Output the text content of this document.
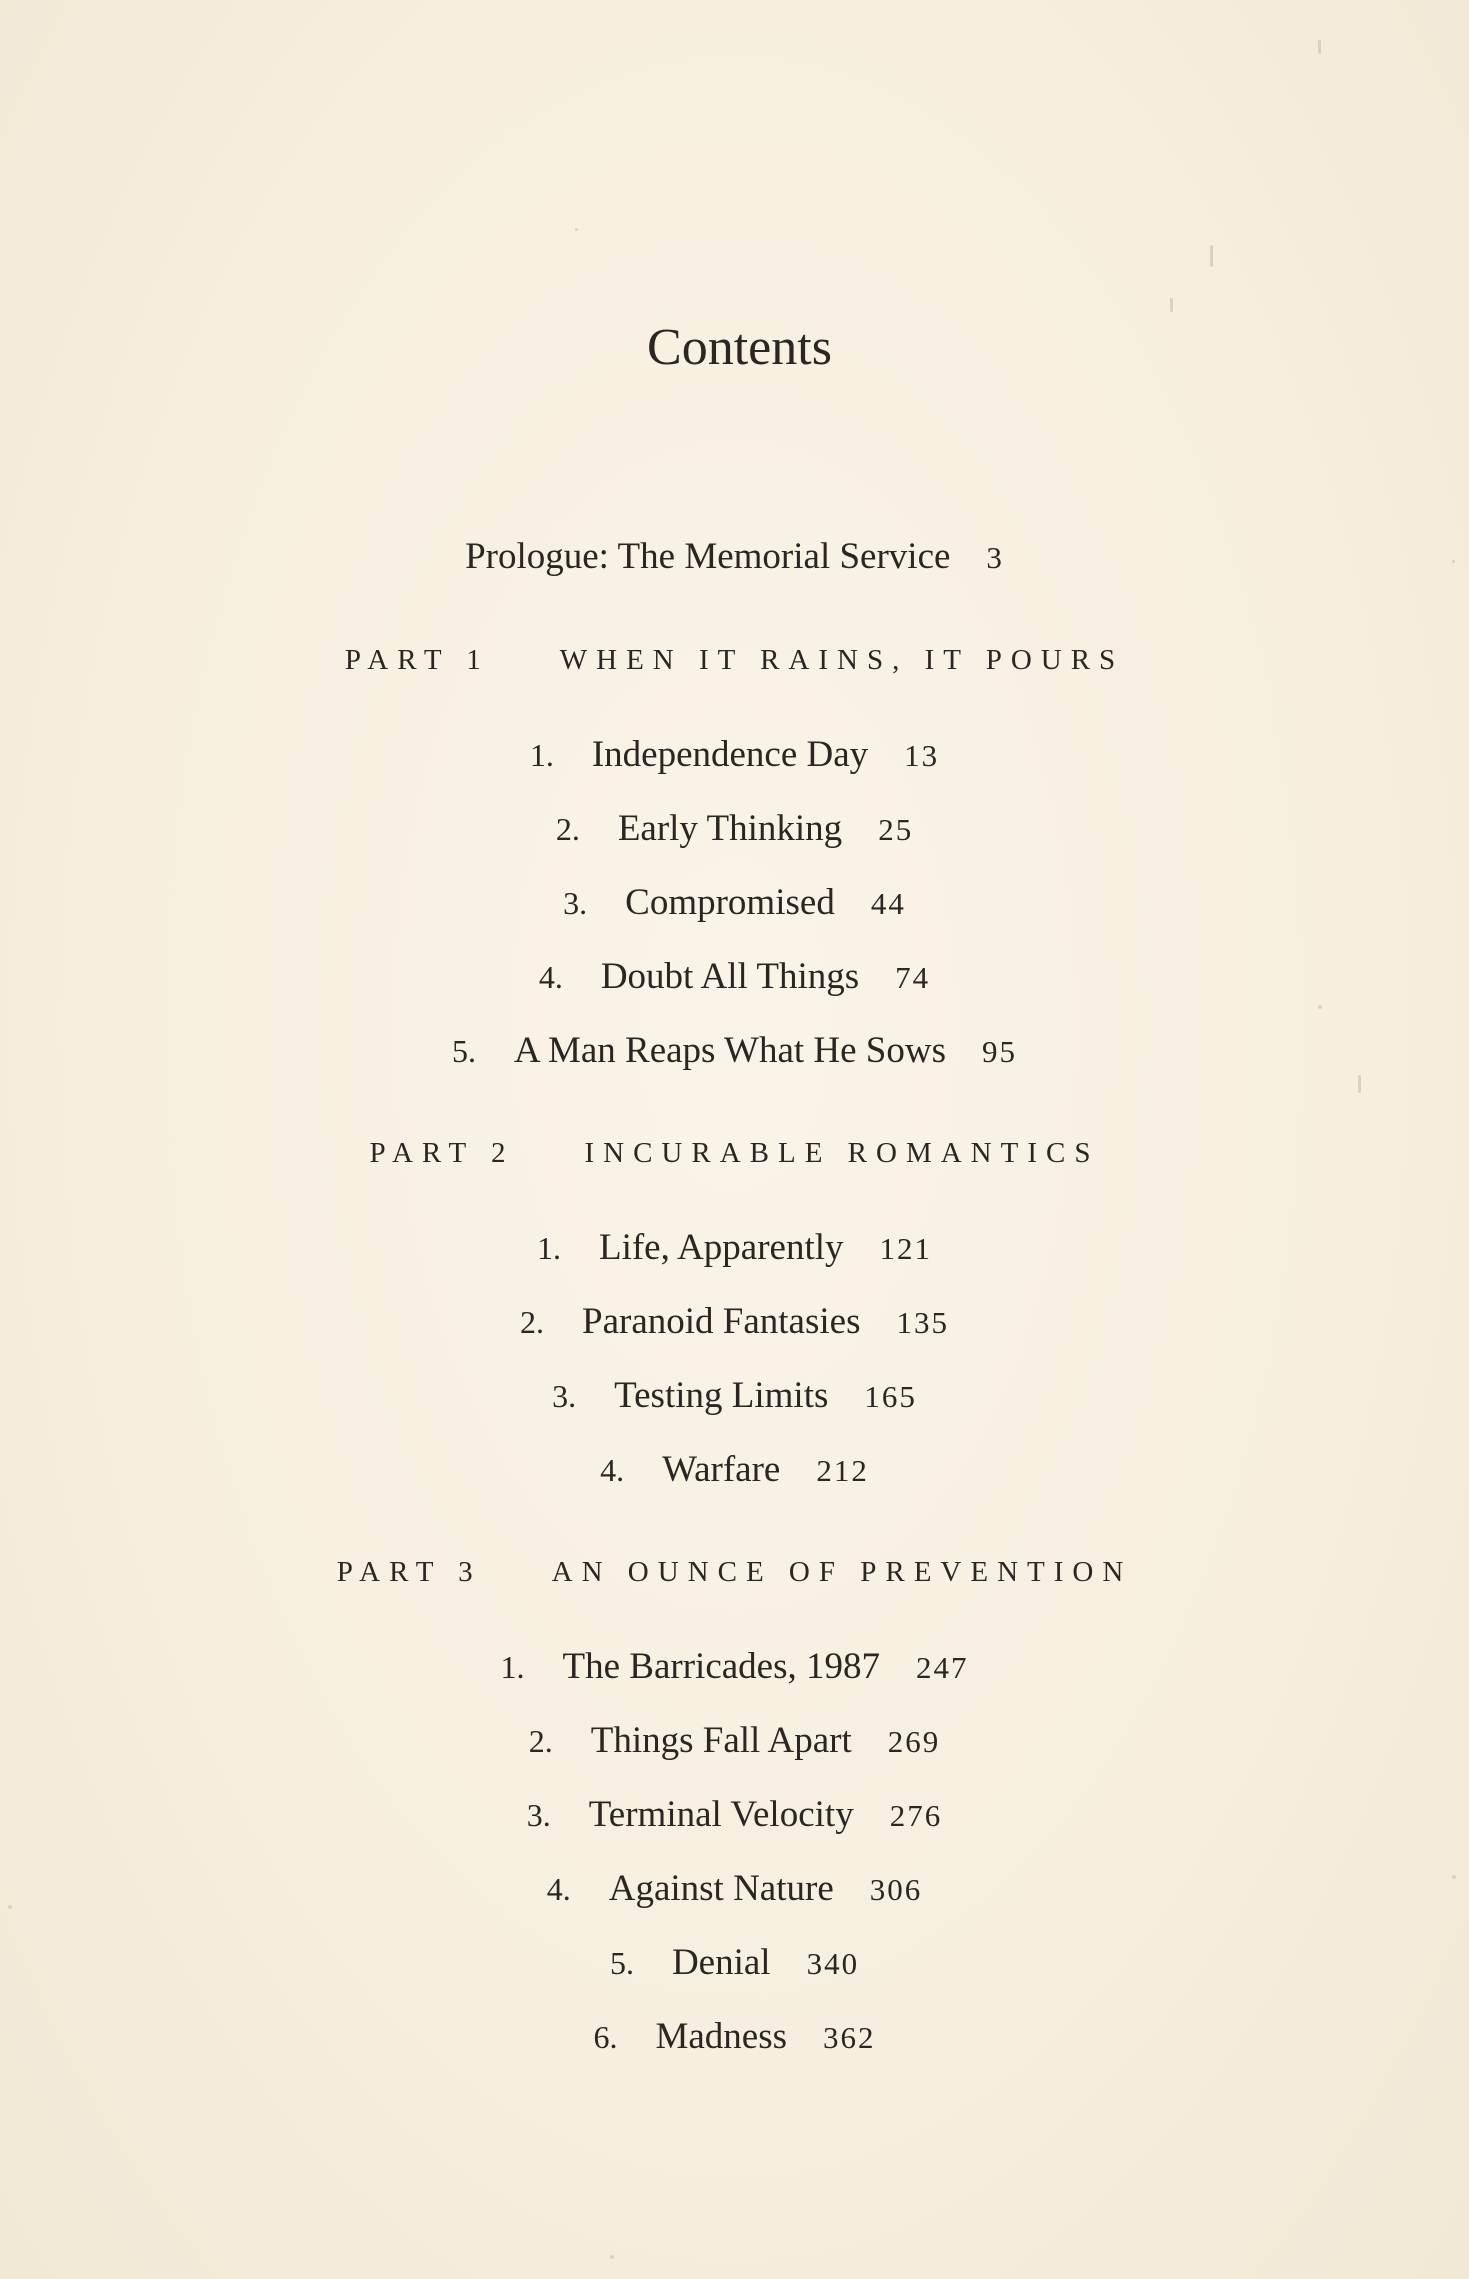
Contents
Prologue: The Memorial Service 3
PART 1 WHEN IT RAINS, IT POURS
1. Independence Day 13
2. Early Thinking 25
3. Compromised 44
4. Doubt All Things 74
5. A Man Reaps What He Sows 95
PART 2 INCURABLE ROMANTICS
1. Life, Apparently 121
2. Paranoid Fantasies 135
3. Testing Limits 165
4. Warfare 212
PART 3 AN OUNCE OF PREVENTION
1. The Barricades, 1987 247
2. Things Fall Apart 269
3. Terminal Velocity 276
4. Against Nature 306
5. Denial 340
6. Madness 362
